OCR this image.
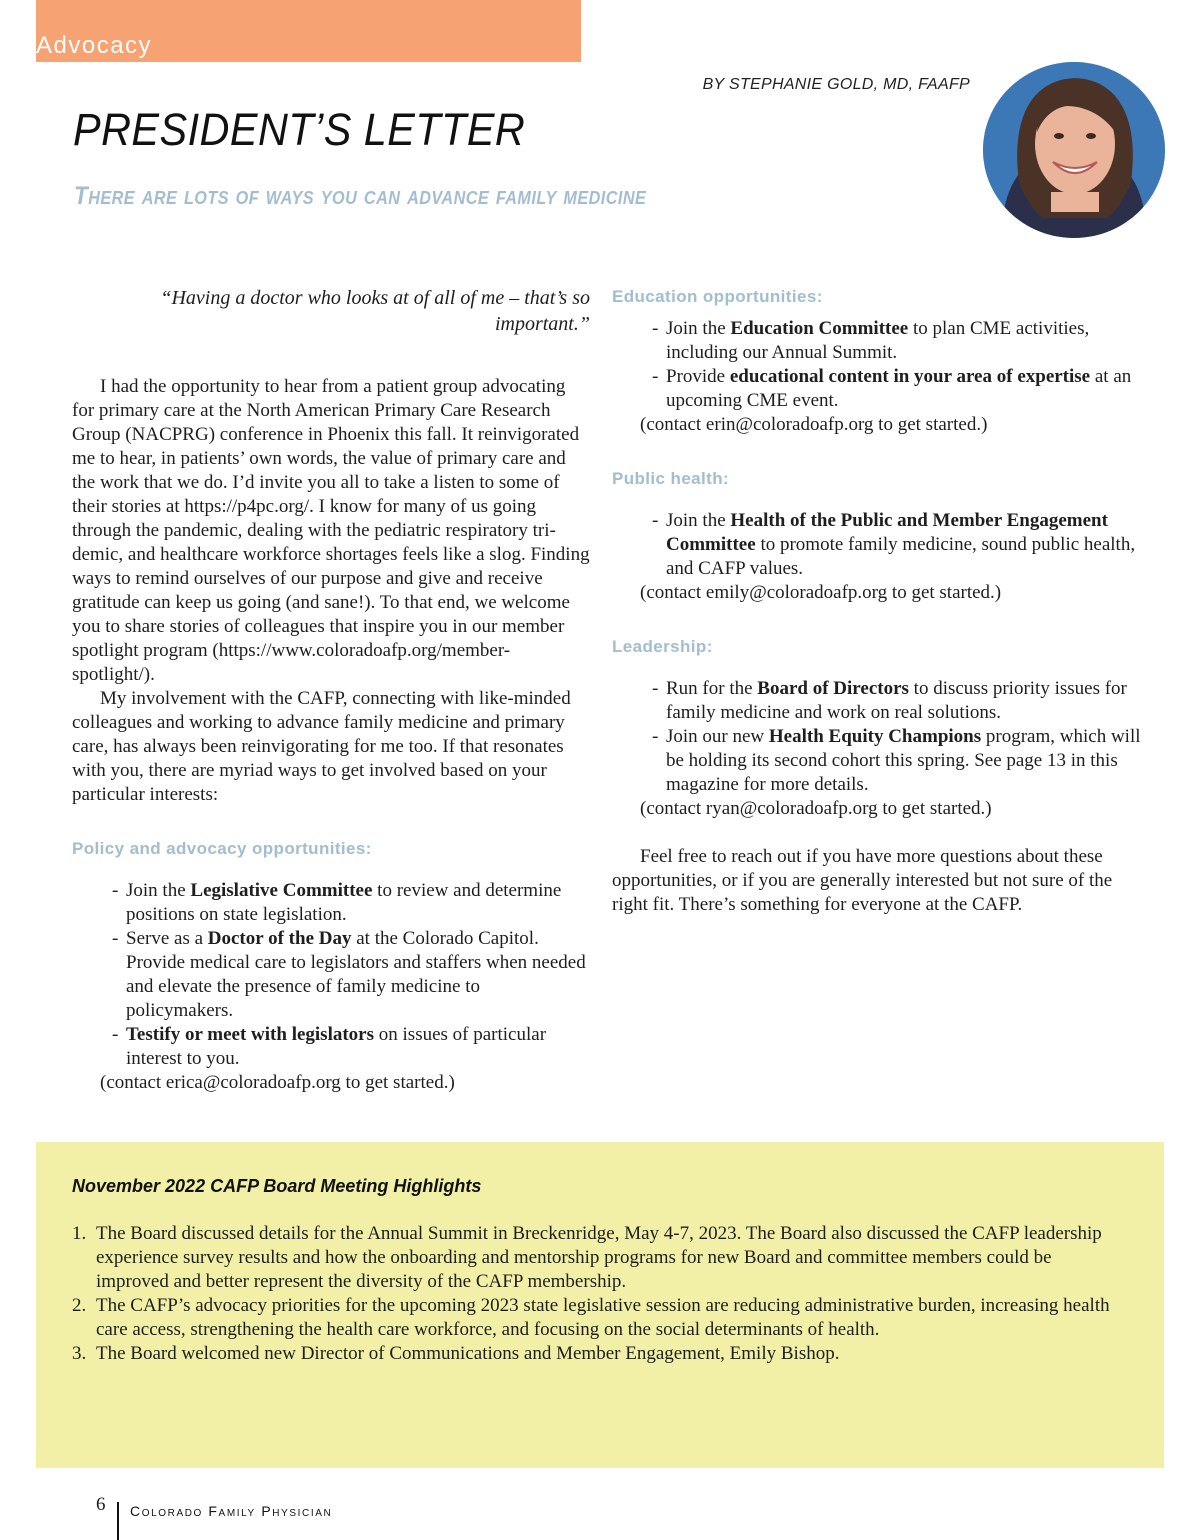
Advocacy
BY STEPHANIE GOLD, MD, FAAFP
PRESIDENT’S LETTER
There are lots of ways you can advance family medicine

“Having a doctor who looks at of all of me – that’s so important.”

I had the opportunity to hear from a patient group advocating for primary care at the North American Primary Care Research Group (NACPRG) conference in Phoenix this fall. It reinvigorated me to hear, in patients’ own words, the value of primary care and the work that we do. I’d invite you all to take a listen to some of their stories at https://p4pc.org/. I know for many of us going through the pandemic, dealing with the pediatric respiratory tri-demic, and healthcare workforce shortages feels like a slog. Finding ways to remind ourselves of our purpose and give and receive gratitude can keep us going (and sane!). To that end, we welcome you to share stories of colleagues that inspire you in our member spotlight program (https://www.coloradoafp.org/member-spotlight/).

My involvement with the CAFP, connecting with like-minded colleagues and working to advance family medicine and primary care, has always been reinvigorating for me too. If that resonates with you, there are myriad ways to get involved based on your particular interests:

Policy and advocacy opportunities:

- Join the Legislative Committee to review and determine positions on state legislation.
- Serve as a Doctor of the Day at the Colorado Capitol. Provide medical care to legislators and staffers when needed and elevate the presence of family medicine to policymakers.
- Testify or meet with legislators on issues of particular interest to you.

(contact erica@coloradoafp.org to get started.)

Education opportunities:

- Join the Education Committee to plan CME activities, including our Annual Summit.
- Provide educational content in your area of expertise at an upcoming CME event.

(contact erin@coloradoafp.org to get started.)

Public health:

- Join the Health of the Public and Member Engagement Committee to promote family medicine, sound public health, and CAFP values.

(contact emily@coloradoafp.org to get started.)

Leadership:

- Run for the Board of Directors to discuss priority issues for family medicine and work on real solutions.
- Join our new Health Equity Champions program, which will be holding its second cohort this spring. See page 13 in this magazine for more details.

(contact ryan@coloradoafp.org to get started.)

Feel free to reach out if you have more questions about these opportunities, or if you are generally interested but not sure of the right fit. There’s something for everyone at the CAFP.

November 2022 CAFP Board Meeting Highlights

1. The Board discussed details for the Annual Summit in Breckenridge, May 4-7, 2023. The Board also discussed the CAFP leadership experience survey results and how the onboarding and mentorship programs for new Board and committee members could be improved and better represent the diversity of the CAFP membership.
2. The CAFP’s advocacy priorities for the upcoming 2023 state legislative session are reducing administrative burden, increasing health care access, strengthening the health care workforce, and focusing on the social determinants of health.
3. The Board welcomed new Director of Communications and Member Engagement, Emily Bishop.
6 Colorado Family Physician
